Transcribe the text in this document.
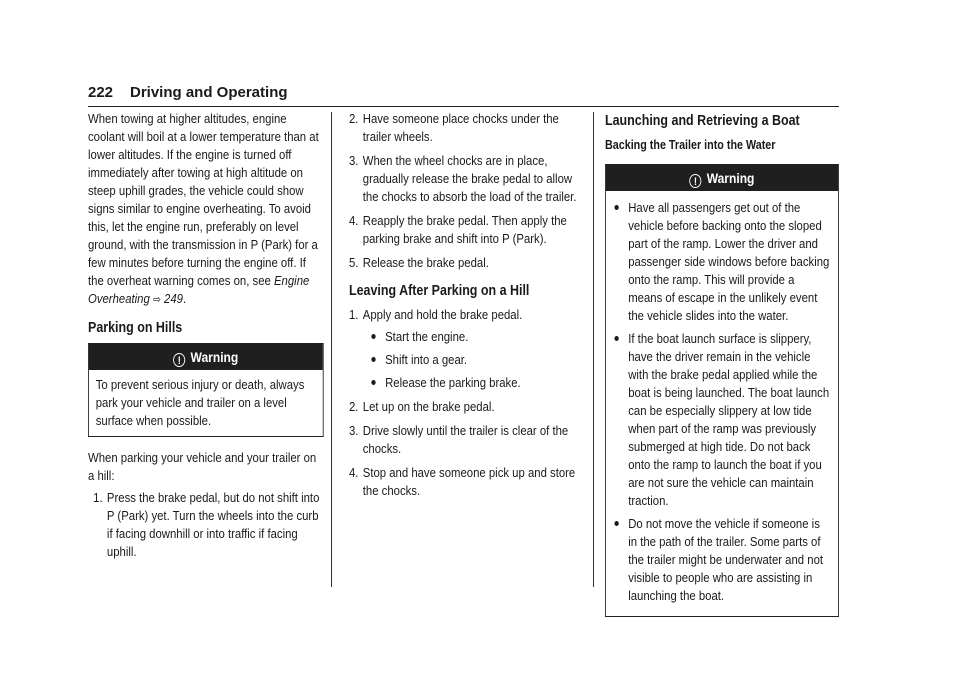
222 Driving and Operating

When towing at higher altitudes, engine coolant will boil at a lower temperature than at lower altitudes. If the engine is turned off immediately after towing at high altitude on steep uphill grades, the vehicle could show signs similar to engine overheating. To avoid this, let the engine run, preferably on level ground, with the transmission in P (Park) for a few minutes before turning the engine off. If the overheat warning comes on, see Engine Overheating ⇨ 249.

Parking on Hills
! Warning

To prevent serious injury or death, always park your vehicle and trailer on a level surface when possible.

When parking your vehicle and your trailer on a hill:

1. Press the brake pedal, but do not shift into P (Park) yet. Turn the wheels into the curb if facing downhill or into traffic if facing uphill.
2. Have someone place chocks under the trailer wheels.
3. When the wheel chocks are in place, gradually release the brake pedal to allow the chocks to absorb the load of the trailer.
4. Reapply the brake pedal. Then apply the parking brake and shift into P (Park).
5. Release the brake pedal.
Leaving After Parking on a Hill
1. Apply and hold the brake pedal.
Start the engine.
Shift into a gear.
Release the parking brake.
2. Let up on the brake pedal.
3. Drive slowly until the trailer is clear of the chocks.
4. Stop and have someone pick up and store the chocks.
Launching and Retrieving a Boat
Backing the Trailer into the Water
! Warning
Have all passengers get out of the vehicle before backing onto the sloped part of the ramp. Lower the driver and passenger side windows before backing onto the ramp. This will provide a means of escape in the unlikely event the vehicle slides into the water.
If the boat launch surface is slippery, have the driver remain in the vehicle with the brake pedal applied while the boat is being launched. The boat launch can be especially slippery at low tide when part of the ramp was previously submerged at high tide. Do not back onto the ramp to launch the boat if you are not sure the vehicle can maintain traction.
Do not move the vehicle if someone is in the path of the trailer. Some parts of the trailer might be underwater and not visible to people who are assisting in launching the boat.
